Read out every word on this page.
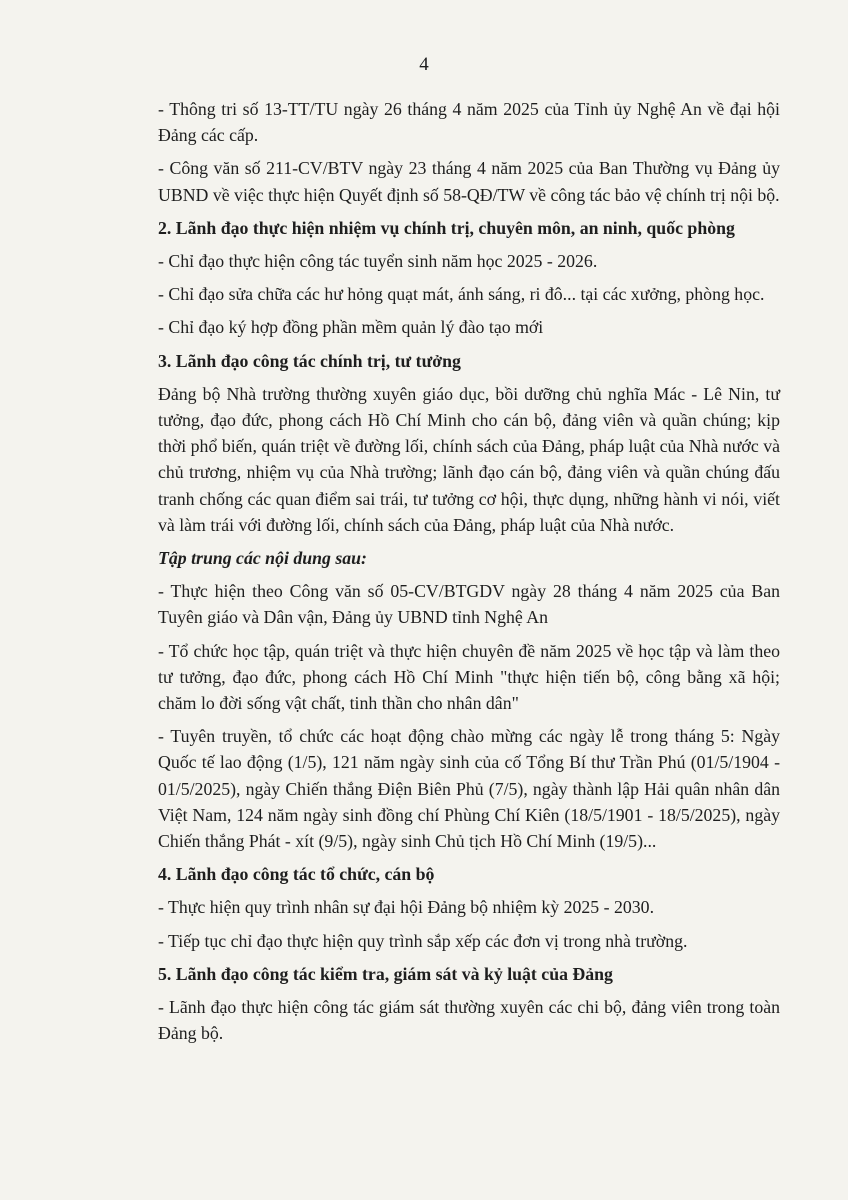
4

- Thông tri số 13-TT/TU ngày 26 tháng 4 năm 2025 của Tỉnh ủy Nghệ An về đại hội Đảng các cấp.

- Công văn số 211-CV/BTV ngày 23 tháng 4 năm 2025 của Ban Thường vụ Đảng ủy UBND về việc thực hiện Quyết định số 58-QĐ/TW về công tác bảo vệ chính trị nội bộ.

2. Lãnh đạo thực hiện nhiệm vụ chính trị, chuyên môn, an ninh, quốc phòng

- Chỉ đạo thực hiện công tác tuyển sinh năm học 2025 - 2026.

- Chỉ đạo sửa chữa các hư hỏng quạt mát, ánh sáng, ri đô... tại các xưởng, phòng học.

- Chỉ đạo ký hợp đồng phần mềm quản lý đào tạo mới

3. Lãnh đạo công tác chính trị, tư tưởng

Đảng bộ Nhà trường thường xuyên giáo dục, bồi dưỡng chủ nghĩa Mác - Lê Nin, tư tưởng, đạo đức, phong cách Hồ Chí Minh cho cán bộ, đảng viên và quần chúng; kịp thời phổ biến, quán triệt về đường lối, chính sách của Đảng, pháp luật của Nhà nước và chủ trương, nhiệm vụ của Nhà trường; lãnh đạo cán bộ, đảng viên và quần chúng đấu tranh chống các quan điểm sai trái, tư tưởng cơ hội, thực dụng, những hành vi nói, viết và làm trái với đường lối, chính sách của Đảng, pháp luật của Nhà nước.

Tập trung các nội dung sau:

- Thực hiện theo Công văn số 05-CV/BTGDV ngày 28 tháng 4 năm 2025 của Ban Tuyên giáo và Dân vận, Đảng ủy UBND tỉnh Nghệ An

- Tổ chức học tập, quán triệt và thực hiện chuyên đề năm 2025 về học tập và làm theo tư tưởng, đạo đức, phong cách Hồ Chí Minh "thực hiện tiến bộ, công bằng xã hội; chăm lo đời sống vật chất, tinh thần cho nhân dân"

- Tuyên truyền, tổ chức các hoạt động chào mừng các ngày lễ trong tháng 5: Ngày Quốc tế lao động (1/5), 121 năm ngày sinh của cố Tổng Bí thư Trần Phú (01/5/1904 - 01/5/2025), ngày Chiến thắng Điện Biên Phủ (7/5), ngày thành lập Hải quân nhân dân Việt Nam, 124 năm ngày sinh đồng chí Phùng Chí Kiên (18/5/1901 - 18/5/2025), ngày Chiến thắng Phát - xít (9/5), ngày sinh Chủ tịch Hồ Chí Minh (19/5)...

4. Lãnh đạo công tác tổ chức, cán bộ

- Thực hiện quy trình nhân sự đại hội Đảng bộ nhiệm kỳ 2025 - 2030.

- Tiếp tục chỉ đạo thực hiện quy trình sắp xếp các đơn vị trong nhà trường.

5. Lãnh đạo công tác kiểm tra, giám sát và kỷ luật của Đảng

- Lãnh đạo thực hiện công tác giám sát thường xuyên các chi bộ, đảng viên trong toàn Đảng bộ.
